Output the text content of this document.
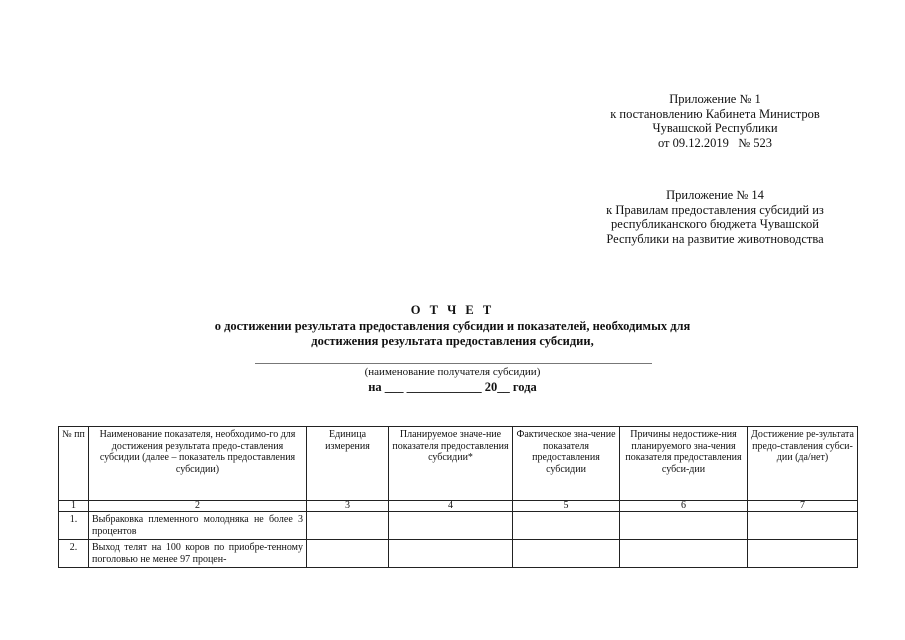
Приложение № 1
к постановлению Кабинета Министров
Чувашской Республики
от 09.12.2019   № 523
Приложение № 14
к Правилам предоставления субсидий из
республиканского бюджета Чувашской
Республики на развитие животноводства
О Т Ч Е Т
о достижении результата предоставления субсидии и показателей, необходимых для
достижения результата предоставления субсидии,
(наименование получателя субсидии)
на ___ ____________ 20__ года
№ пп	Наименование показателя, необходимо-го для достижения результата предо-ставления субсидии (далее – показатель предоставления субсидии)	Единица измерения	Планируемое значе-ние показателя предоставления субсидии*	Фактическое зна-чение показателя предоставления субсидии	Причины недостиже-ния планируемого зна-чения показателя предоставления субси-дии	Достижение ре-зультата предо-ставления субси-дии (да/нет)
1	2	3	4	5	6	7
1.	Выбраковка племенного молодняка не более 3 процентов					
2.	Выход телят на 100 коров по приобре-тенному поголовью не менее 97 процен-					
